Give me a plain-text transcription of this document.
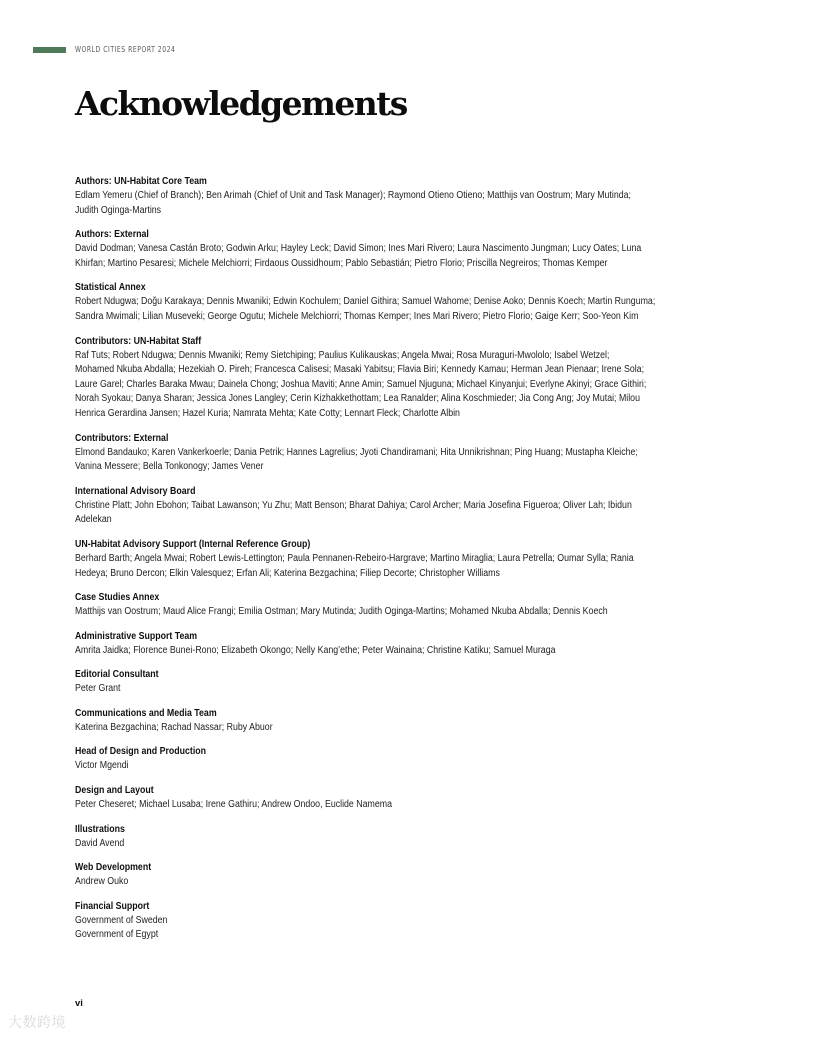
WORLD CITIES REPORT 2024
Acknowledgements
Authors: UN-Habitat Core Team
Edlam Yemeru (Chief of Branch); Ben Arimah (Chief of Unit and Task Manager); Raymond Otieno Otieno; Matthijs van Oostrum; Mary Mutinda;
Judith Oginga-Martins
Authors: External
David Dodman; Vanesa Castán Broto; Godwin Arku; Hayley Leck; David Simon; Ines Mari Rivero; Laura Nascimento Jungman; Lucy Oates; Luna
Khirfan; Martino Pesaresi; Michele Melchiorri; Firdaous Oussidhoum; Pablo Sebastián; Pietro Florio; Priscilla Negreiros; Thomas Kemper
Statistical Annex
Robert Ndugwa; Doğu Karakaya; Dennis Mwaniki; Edwin Kochulem; Daniel Githira; Samuel Wahome; Denise Aoko; Dennis Koech; Martin Runguma;
Sandra Mwimali; Lilian Museveki; George Ogutu; Michele Melchiorri; Thomas Kemper; Ines Mari Rivero; Pietro Florio; Gaige Kerr; Soo-Yeon Kim
Contributors: UN-Habitat Staff
Raf Tuts; Robert Ndugwa; Dennis Mwaniki; Remy Sietchiping; Paulius Kulikauskas; Angela Mwai; Rosa Muraguri-Mwololo; Isabel Wetzel;
Mohamed Nkuba Abdalla; Hezekiah O. Pireh; Francesca Calisesi; Masaki Yabitsu; Flavia Biri; Kennedy Kamau; Herman Jean Pienaar; Irene Sola;
Laure Garel; Charles Baraka Mwau; Dainela Chong; Joshua Maviti; Anne Amin; Samuel Njuguna; Michael Kinyanjui; Everlyne Akinyi; Grace Githiri;
Norah Syokau; Danya Sharan; Jessica Jones Langley; Cerin Kizhakkethottam; Lea Ranalder; Alina Koschmieder; Jia Cong Ang; Joy Mutai; Milou
Henrica Gerardina Jansen; Hazel Kuria; Namrata Mehta; Kate Cotty; Lennart Fleck; Charlotte Albin
Contributors: External
Elmond Bandauko; Karen Vankerkoerle; Dania Petrik; Hannes Lagrelius; Jyoti Chandiramani; Hita Unnikrishnan; Ping Huang; Mustapha Kleiche;
Vanina Messere; Bella Tonkonogy; James Vener
International Advisory Board
Christine Platt; John Ebohon; Taibat Lawanson; Yu Zhu; Matt Benson; Bharat Dahiya; Carol Archer; Maria Josefina Figueroa; Oliver Lah; Ibidun
Adelekan
UN-Habitat Advisory Support (Internal Reference Group)
Berhard Barth; Angela Mwai; Robert Lewis-Lettington; Paula Pennanen-Rebeiro-Hargrave; Martino Miraglia; Laura Petrella; Oumar Sylla; Rania
Hedeya; Bruno Dercon; Elkin Valesquez; Erfan Ali; Katerina Bezgachina; Filiep Decorte; Christopher Williams
Case Studies Annex
Matthijs van Oostrum; Maud Alice Frangi; Emilia Ostman; Mary Mutinda; Judith Oginga-Martins; Mohamed Nkuba Abdalla; Dennis Koech
Administrative Support Team
Amrita Jaidka; Florence Bunei-Rono; Elizabeth Okongo; Nelly Kang’ethe; Peter Wainaina; Christine Katiku; Samuel Muraga
Editorial Consultant
Peter Grant
Communications and Media Team
Katerina Bezgachina; Rachad Nassar; Ruby Abuor
Head of Design and Production
Victor Mgendi
Design and Layout
Peter Cheseret; Michael Lusaba; Irene Gathiru; Andrew Ondoo, Euclide Namema
Illustrations
David Avend
Web Development
Andrew Ouko
Financial Support
Government of Sweden
Government of Egypt
vi
大数跨境
